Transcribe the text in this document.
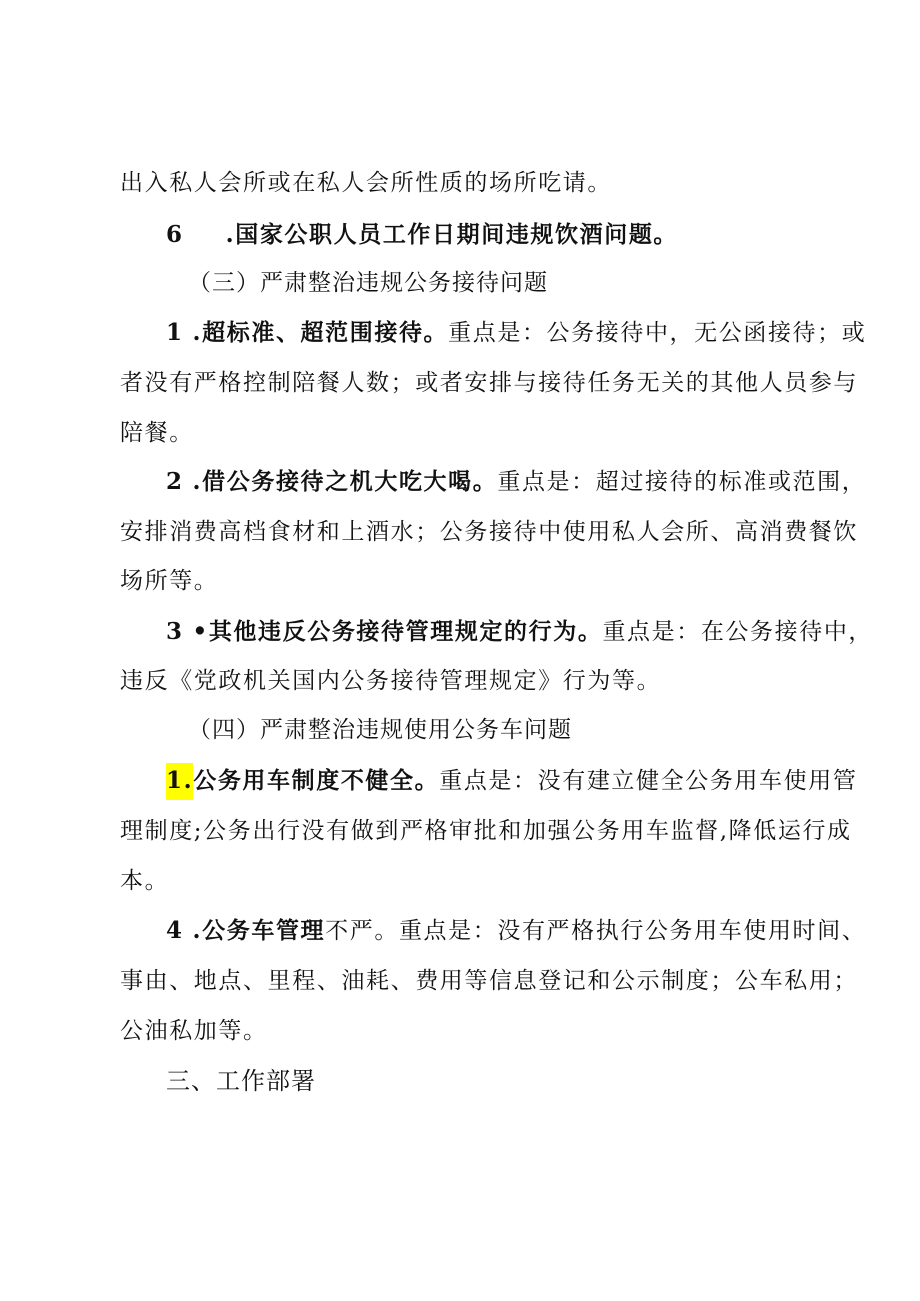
出入私人会所或在私人会所性质的场所吃请。
6 .国家公职人员工作日期间违规饮酒问题。
（三）严肃整治违规公务接待问题
1 .超标准、超范围接待。重点是：公务接待中，无公函接待；或
者没有严格控制陪餐人数；或者安排与接待任务无关的其他人员参与
陪餐。
2 .借公务接待之机大吃大喝。重点是：超过接待的标准或范围，
安排消费高档食材和上酒水；公务接待中使用私人会所、高消费餐饮
场所等。
3 •其他违反公务接待管理规定的行为。重点是：在公务接待中，
违反《党政机关国内公务接待管理规定》行为等。
（四）严肃整治违规使用公务车问题
1.公务用车制度不健全。重点是：没有建立健全公务用车使用管
理制度;公务出行没有做到严格审批和加强公务用车监督,降低运行成
本。
4 .公务车管理不严。重点是：没有严格执行公务用车使用时间、
事由、地点、里程、油耗、费用等信息登记和公示制度；公车私用；
公油私加等。
三、工作部署
